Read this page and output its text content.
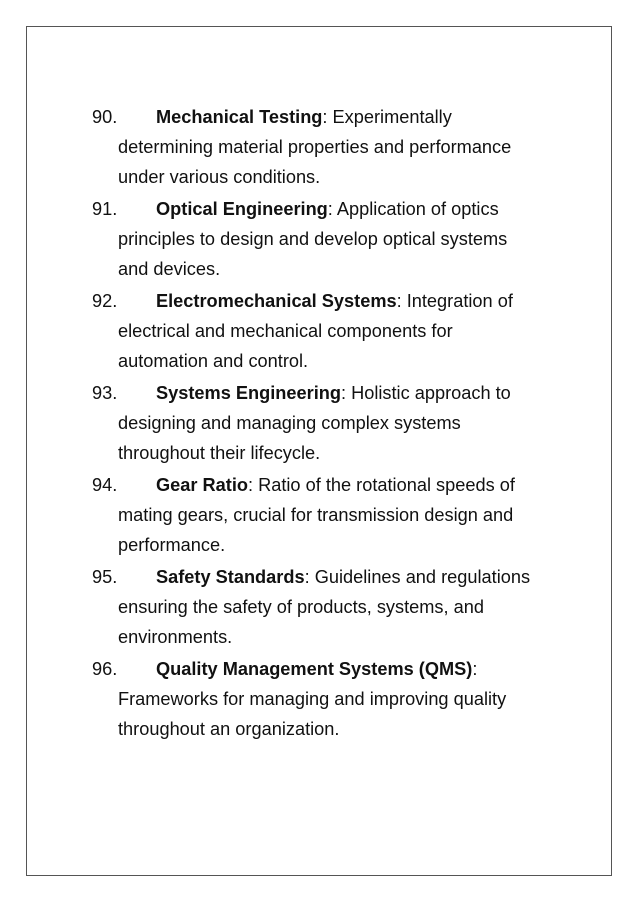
90.	Mechanical Testing: Experimentally
determining material properties and performance
under various conditions.
91.	Optical Engineering: Application of optics
principles to design and develop optical systems
and devices.
92.	Electromechanical Systems: Integration of
electrical and mechanical components for
automation and control.
93.	Systems Engineering: Holistic approach to
designing and managing complex systems
throughout their lifecycle.
94.	Gear Ratio: Ratio of the rotational speeds of
mating gears, crucial for transmission design and
performance.
95.	Safety Standards: Guidelines and regulations
ensuring the safety of products, systems, and
environments.
96.	Quality Management Systems (QMS):
Frameworks for managing and improving quality
throughout an organization.
